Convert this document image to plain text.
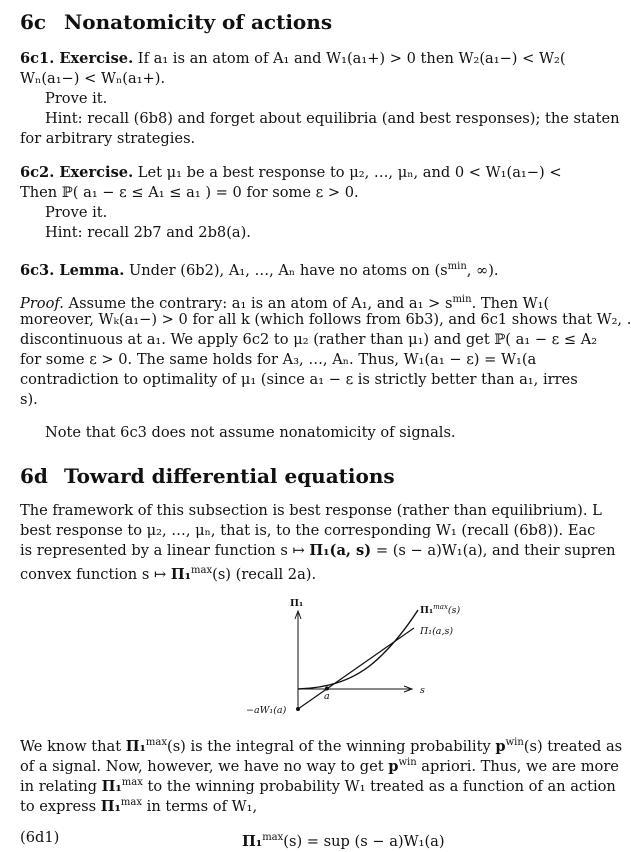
6c Nonatomicity of actions
6c1. Exercise. If a₁ is an atom of A₁ and W₁(a₁+) > 0 then W₂(a₁−) < W₂(
Wₙ(a₁−) < Wₙ(a₁+).
Prove it.
Hint: recall (6b8) and forget about equilibria (and best responses); the staten
for arbitrary strategies.
6c2. Exercise. Let μ₁ be a best response to μ₂, …, μₙ, and 0 < W₁(a₁−) <
Then ℙ( a₁ − ε ≤ A₁ ≤ a₁ ) = 0 for some ε > 0.
Prove it.
Hint: recall 2b7 and 2b8(a).
6c3. Lemma. Under (6b2), A₁, …, Aₙ have no atoms on ($s^{min}$, ∞).
Proof. Assume the contrary: a₁ is an atom of A₁, and $a_1 > s^{min}$. Then W₁(
moreover, Wₖ(a₁−) > 0 for all k (which follows from 6b3), and 6c1 shows that W₂, .
discontinuous at a₁. We apply 6c2 to μ₂ (rather than μ₁) and get ℙ( a₁ − ε ≤ A₂
for some ε > 0. The same holds for A₃, …, Aₙ. Thus, W₁(a₁ − ε) = W₁(a
contradiction to optimality of μ₁ (since a₁ − ε is strictly better than a₁, irres
s).
Note that 6c3 does not assume nonatomicity of signals.
6d Toward differential equations
The framework of this subsection is best response (rather than equilibrium). L
best response to μ₂, …, μₙ, that is, to the corresponding W₁ (recall (6b8)). Eac
is represented by a linear function s ↦ Π₁(a, s) = (s − a)W₁(a), and their supren
convex function s ↦ Π₁$^{max}$(s) (recall 2a).
We know that Π₁$^{max}$(s) is the integral of the winning probability $p^{win}(s)$ treated as
of a signal. Now, however, we have no way to get $p^{win}$ apriori. Thus, we are more
in relating Π₁$^{max}$ to the winning probability W₁ treated as a function of an action
to express Π₁$^{max}$ in terms of W₁,
(6d1)	Π₁$^{max}$(s) = sup (s − a)W₁(a)
Π₁
Π₁$^{max}$(s)
Π₁(a,s)
s
a
−aW₁(a)
